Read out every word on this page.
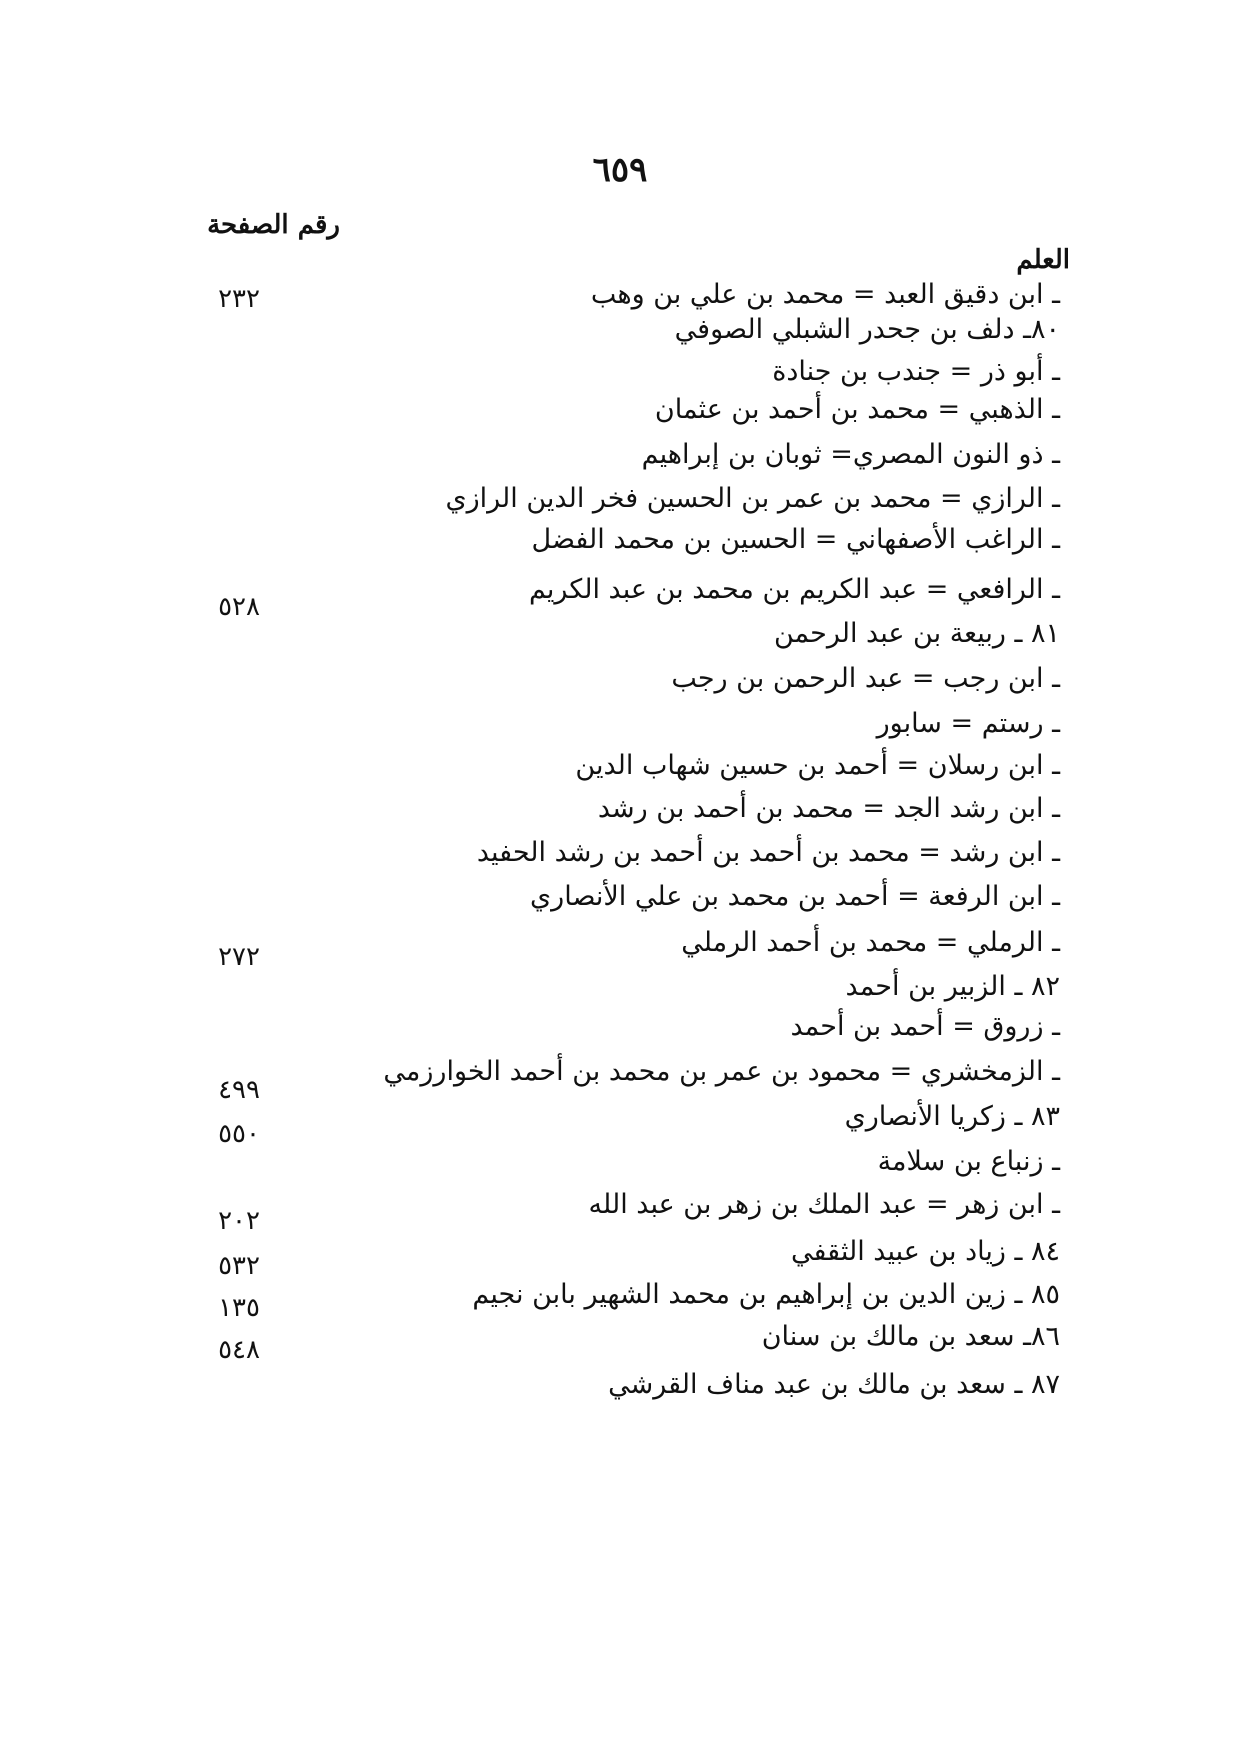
٦٥٩
رقم الصفحة
العلم
ـ ابن دقيق العبد = محمد بن علي بن وهب
٨٠ـ دلف بن جحدر الشبلي الصوفي
ـ أبو ذر = جندب بن جنادة
ـ الذهبي = محمد بن أحمد بن عثمان
ـ ذو النون المصري= ثوبان بن إبراهيم
ـ الرازي = محمد بن عمر بن الحسين فخر الدين الرازي
ـ الراغب الأصفهاني = الحسين بن محمد الفضل
ـ الرافعي = عبد الكريم بن محمد بن عبد الكريم
٨١ ـ ربيعة بن عبد الرحمن
ـ ابن رجب = عبد الرحمن بن رجب
ـ رستم = سابور
ـ ابن رسلان = أحمد بن حسين شهاب الدين
ـ ابن رشد الجد = محمد بن أحمد بن رشد
ـ ابن رشد = محمد بن أحمد بن أحمد بن رشد الحفيد
ـ ابن الرفعة = أحمد بن محمد بن علي الأنصاري
ـ الرملي = محمد بن أحمد الرملي
٨٢ ـ الزبير بن أحمد
ـ زروق = أحمد بن أحمد
ـ الزمخشري = محمود بن عمر بن محمد بن أحمد الخوارزمي
٨٣ ـ زكريا الأنصاري
ـ زنباع بن سلامة
ـ ابن زهر = عبد الملك بن زهر بن عبد الله
٨٤ ـ زياد بن عبيد الثقفي
٨٥ ـ زين الدين بن إبراهيم بن محمد الشهير بابن نجيم
٨٦ـ سعد بن مالك بن سنان
٨٧ ـ سعد بن مالك بن عبد مناف القرشي
٢٣٢
٥٢٨
٢٧٢
٤٩٩
٥٥٠
٢٠٢
٥٣٢
١٣٥
٥٤٨
